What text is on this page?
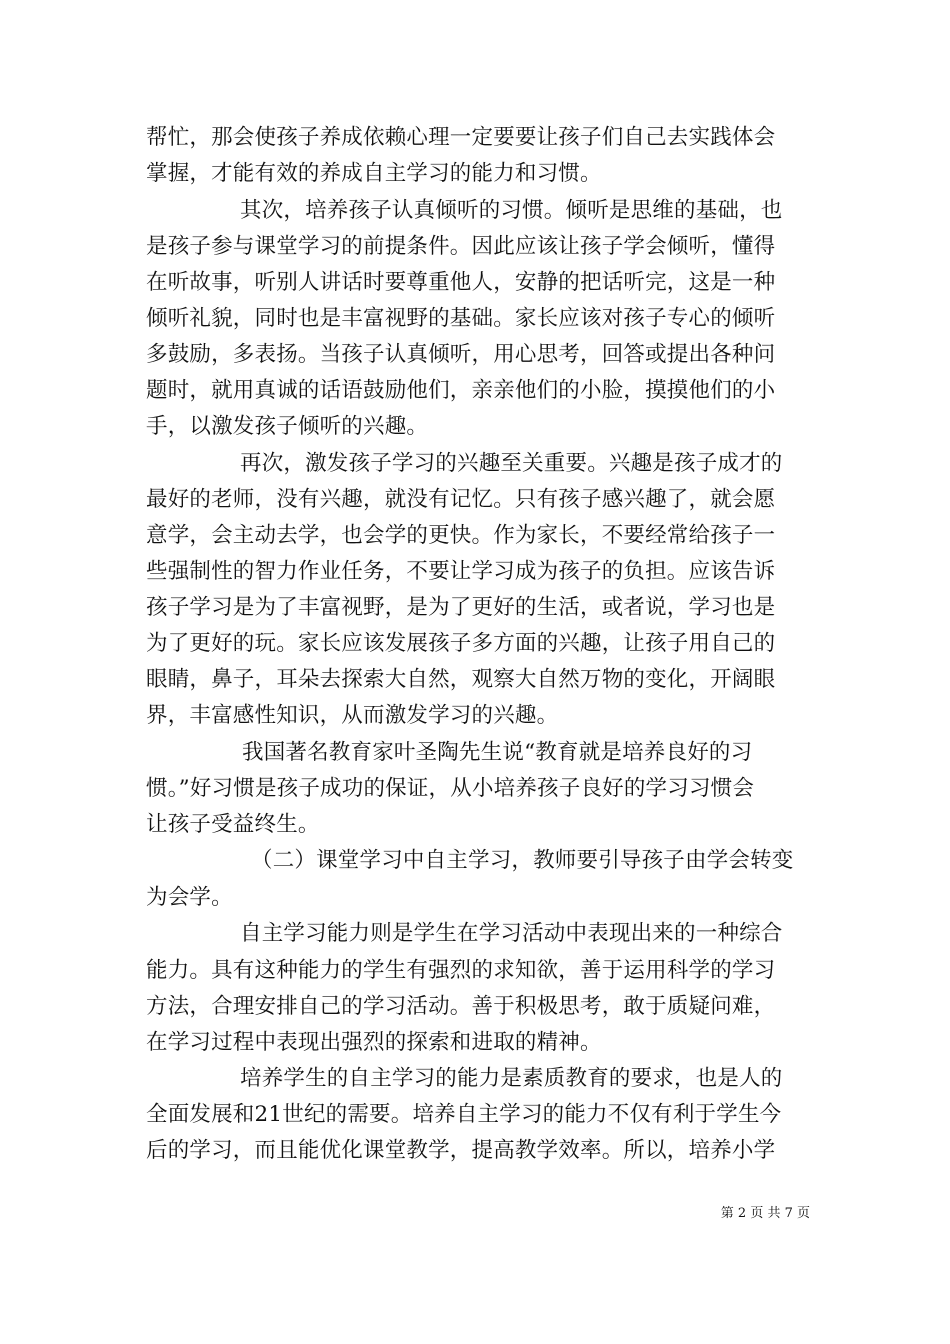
帮忙，那会使孩子养成依赖心理一定要要让孩子们自己去实践体会
掌握，才能有效的养成自主学习的能力和习惯。
其次，培养孩子认真倾听的习惯。倾听是思维的基础，也
是孩子参与课堂学习的前提条件。因此应该让孩子学会倾听，懂得
在听故事，听别人讲话时要尊重他人，安静的把话听完，这是一种
倾听礼貌，同时也是丰富视野的基础。家长应该对孩子专心的倾听
多鼓励，多表扬。当孩子认真倾听，用心思考，回答或提出各种问
题时，就用真诚的话语鼓励他们，亲亲他们的小脸，摸摸他们的小
手，以激发孩子倾听的兴趣。
再次，激发孩子学习的兴趣至关重要。兴趣是孩子成才的
最好的老师，没有兴趣，就没有记忆。只有孩子感兴趣了，就会愿
意学，会主动去学，也会学的更快。作为家长，不要经常给孩子一
些强制性的智力作业任务，不要让学习成为孩子的负担。应该告诉
孩子学习是为了丰富视野，是为了更好的生活，或者说，学习也是
为了更好的玩。家长应该发展孩子多方面的兴趣，让孩子用自己的
眼睛，鼻子，耳朵去探索大自然，观察大自然万物的变化，开阔眼
界，丰富感性知识，从而激发学习的兴趣。
我国著名教育家叶圣陶先生说“教育就是培养良好的习
惯。”好习惯是孩子成功的保证，从小培养孩子良好的学习习惯会
让孩子受益终生。
（二）课堂学习中自主学习，教师要引导孩子由学会转变
为会学。
自主学习能力则是学生在学习活动中表现出来的一种综合
能力。具有这种能力的学生有强烈的求知欲，善于运用科学的学习
方法，合理安排自己的学习活动。善于积极思考，敢于质疑问难，
在学习过程中表现出强烈的探索和进取的精神。
培养学生的自主学习的能力是素质教育的要求，也是人的
全面发展和21世纪的需要。培养自主学习的能力不仅有利于学生今
后的学习，而且能优化课堂教学，提高教学效率。所以，培养小学
第 2 页 共 7 页
